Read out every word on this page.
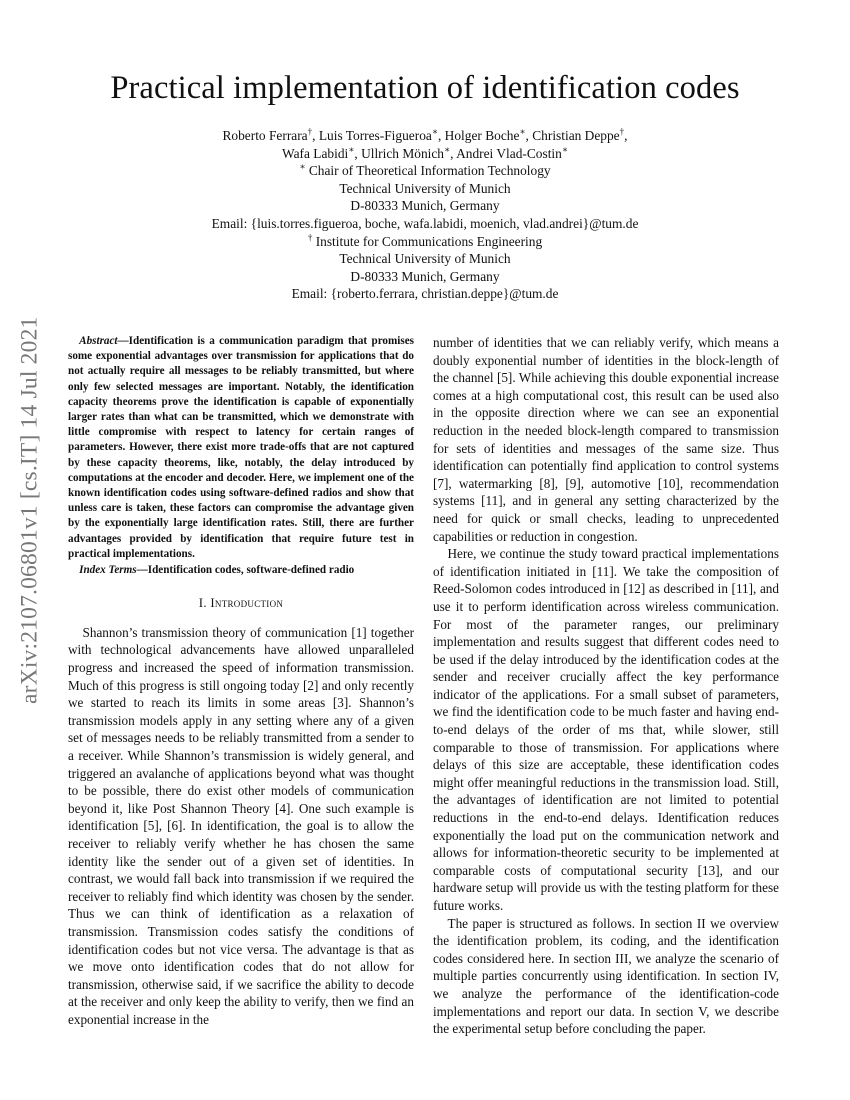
arXiv:2107.06801v1 [cs.IT] 14 Jul 2021
Practical implementation of identification codes
Roberto Ferrara†, Luis Torres-Figueroa∗, Holger Boche∗, Christian Deppe†,
Wafa Labidi∗, Ullrich Mönich∗, Andrei Vlad-Costin∗
∗ Chair of Theoretical Information Technology
Technical University of Munich
D-80333 Munich, Germany
Email: {luis.torres.figueroa, boche, wafa.labidi, moenich, vlad.andrei}@tum.de
† Institute for Communications Engineering
Technical University of Munich
D-80333 Munich, Germany
Email: {roberto.ferrara, christian.deppe}@tum.de

Abstract—Identification is a communication paradigm that promises some exponential advantages over transmission for applications that do not actually require all messages to be reliably transmitted, but where only few selected messages are important. Notably, the identification capacity theorems prove the identification is capable of exponentially larger rates than what can be transmitted, which we demonstrate with little compromise with respect to latency for certain ranges of parameters. However, there exist more trade-offs that are not captured by these capacity theorems, like, notably, the delay introduced by computations at the encoder and decoder. Here, we implement one of the known identification codes using software-defined radios and show that unless care is taken, these factors can compromise the advantage given by the exponentially large identification rates. Still, there are further advantages provided by identification that require future test in practical implementations.

Index Terms—Identification codes, software-defined radio

I. Introduction

Shannon’s transmission theory of communication [1] together with technological advancements have allowed unparalleled progress and increased the speed of information transmission. Much of this progress is still ongoing today [2] and only recently we started to reach its limits in some areas [3]. Shannon’s transmission models apply in any setting where any of a given set of messages needs to be reliably transmitted from a sender to a receiver. While Shannon’s transmission is widely general, and triggered an avalanche of applications beyond what was thought to be possible, there do exist other models of communication beyond it, like Post Shannon Theory [4]. One such example is identification [5], [6]. In identification, the goal is to allow the receiver to reliably verify whether he has chosen the same identity like the sender out of a given set of identities. In contrast, we would fall back into transmission if we required the receiver to reliably find which identity was chosen by the sender. Thus we can think of identification as a relaxation of transmission. Transmission codes satisfy the conditions of identification codes but not vice versa. The advantage is that as we move onto identification codes that do not allow for transmission, otherwise said, if we sacrifice the ability to decode at the receiver and only keep the ability to verify, then we find an exponential increase in the

number of identities that we can reliably verify, which means a doubly exponential number of identities in the block-length of the channel [5]. While achieving this double exponential increase comes at a high computational cost, this result can be used also in the opposite direction where we can see an exponential reduction in the needed block-length compared to transmission for sets of identities and messages of the same size. Thus identification can potentially find application to control systems [7], watermarking [8], [9], automotive [10], recommendation systems [11], and in general any setting characterized by the need for quick or small checks, leading to unprecedented capabilities or reduction in congestion.

Here, we continue the study toward practical implementations of identification initiated in [11]. We take the composition of Reed-Solomon codes introduced in [12] as described in [11], and use it to perform identification across wireless communication. For most of the parameter ranges, our preliminary implementation and results suggest that different codes need to be used if the delay introduced by the identification codes at the sender and receiver crucially affect the key performance indicator of the applications. For a small subset of parameters, we find the identification code to be much faster and having end-to-end delays of the order of ms that, while slower, still comparable to those of transmission. For applications where delays of this size are acceptable, these identification codes might offer meaningful reductions in the transmission load. Still, the advantages of identification are not limited to potential reductions in the end-to-end delays. Identification reduces exponentially the load put on the communication network and allows for information-theoretic security to be implemented at comparable costs of computational security [13], and our hardware setup will provide us with the testing platform for these future works.

The paper is structured as follows. In section II we overview the identification problem, its coding, and the identification codes considered here. In section III, we analyze the scenario of multiple parties concurrently using identification. In section IV, we analyze the performance of the identification-code implementations and report our data. In section V, we describe the experimental setup before concluding the paper.
